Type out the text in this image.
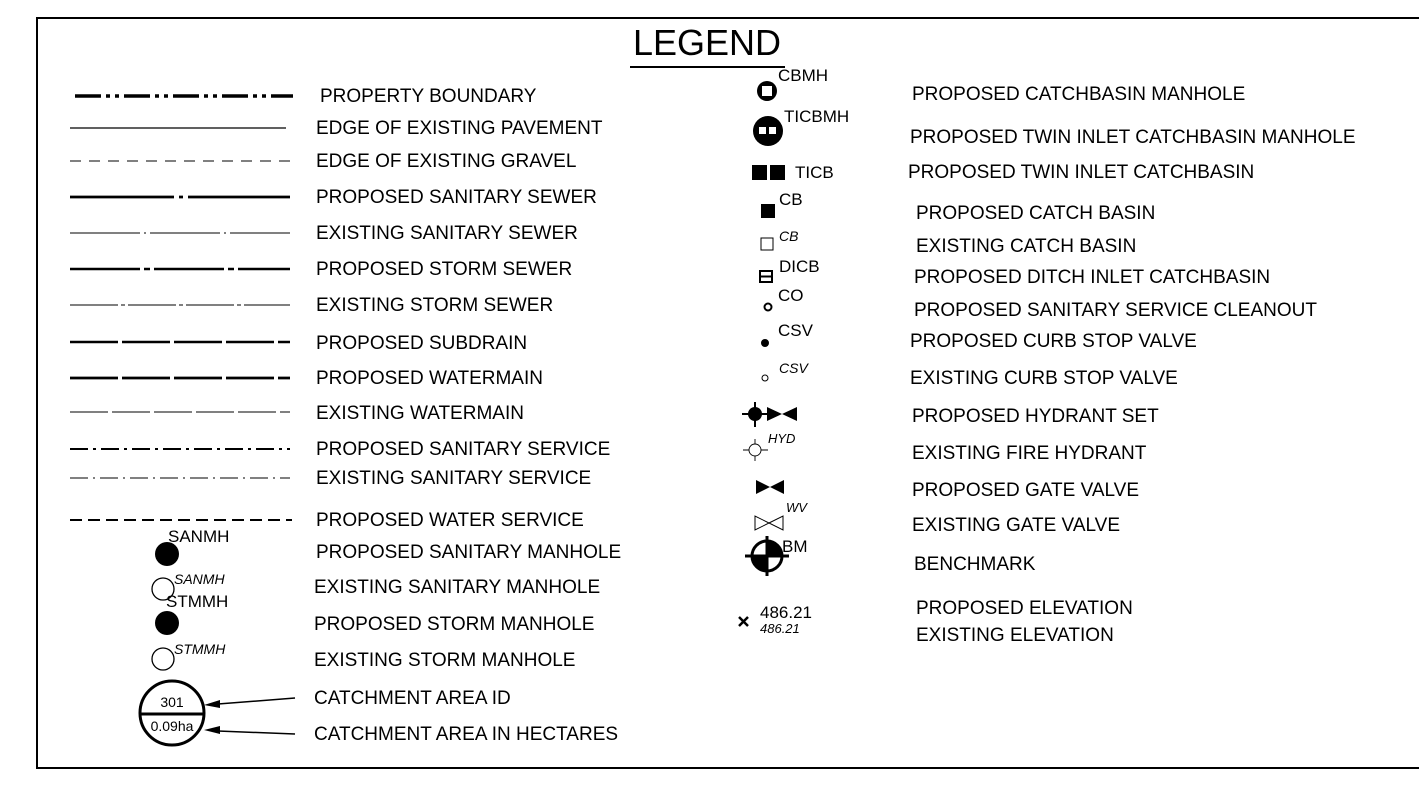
LEGEND
PROPERTY BOUNDARY
EDGE OF EXISTING PAVEMENT
EDGE OF EXISTING GRAVEL
PROPOSED SANITARY SEWER
EXISTING SANITARY SEWER
PROPOSED STORM SEWER
EXISTING STORM SEWER
PROPOSED SUBDRAIN
PROPOSED WATERMAIN
EXISTING WATERMAIN
PROPOSED SANITARY SERVICE
EXISTING SANITARY SERVICE
PROPOSED WATER SERVICE
PROPOSED SANITARY MANHOLE
EXISTING SANITARY MANHOLE
PROPOSED STORM MANHOLE
EXISTING STORM MANHOLE
CATCHMENT AREA ID
CATCHMENT AREA IN HECTARES
PROPOSED CATCHBASIN MANHOLE
PROPOSED TWIN INLET CATCHBASIN MANHOLE
PROPOSED TWIN INLET CATCHBASIN
PROPOSED CATCH BASIN
EXISTING CATCH BASIN
PROPOSED DITCH INLET CATCHBASIN
PROPOSED SANITARY SERVICE CLEANOUT
PROPOSED CURB STOP VALVE
EXISTING CURB STOP VALVE
PROPOSED HYDRANT SET
EXISTING FIRE HYDRANT
PROPOSED GATE VALVE
EXISTING GATE VALVE
BENCHMARK
PROPOSED ELEVATION
EXISTING ELEVATION
SANMH
SANMH
STMMH
STMMH
301
0.09ha
CBMH
TICBMH
TICB
CB
CB
DICB
CO
CSV
CSV
HYD
WV
BM
486.21
486.21
